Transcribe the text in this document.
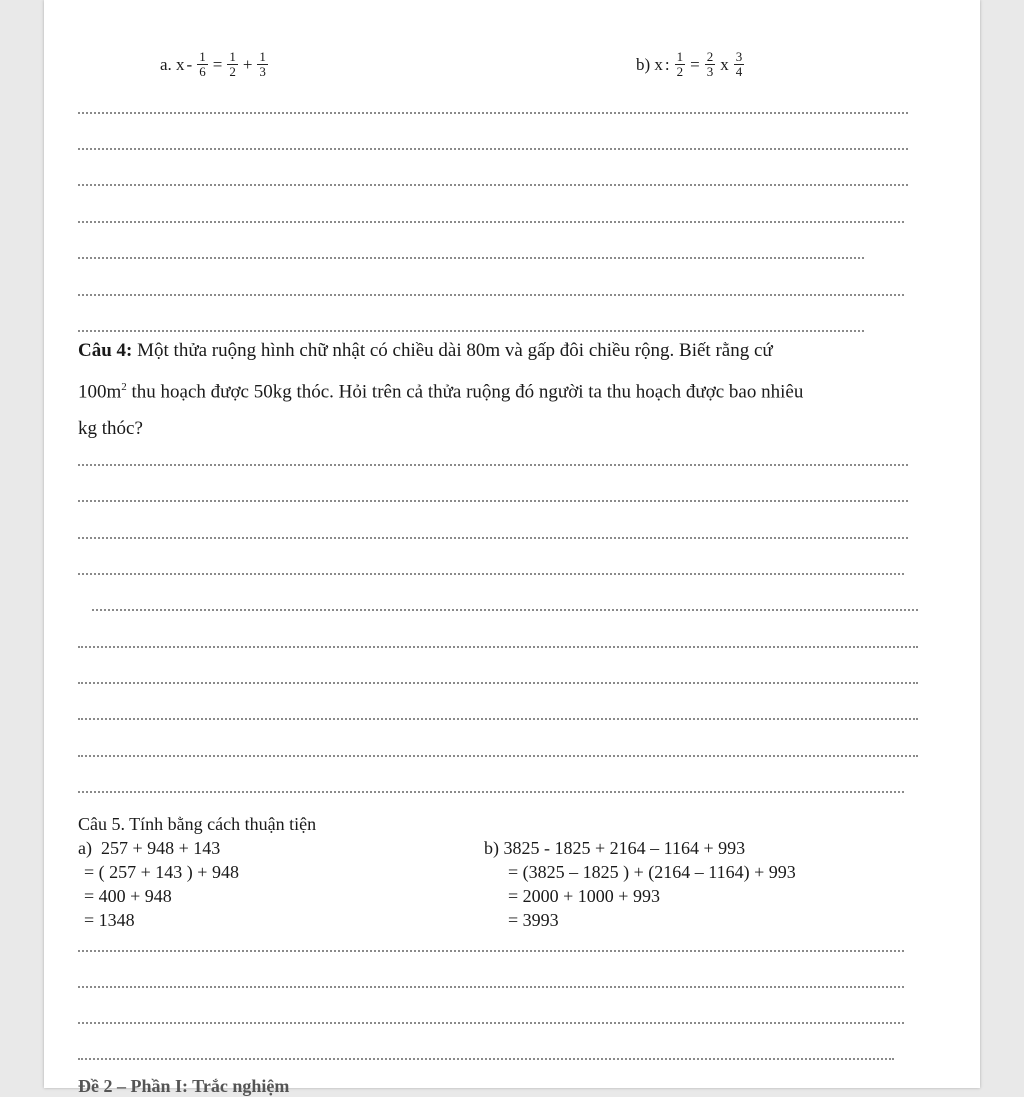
a.
$x - \frac{1}{6} = \frac{1}{2} + \frac{1}{3}$	b)
x : $\frac{1}{2} = \frac{2}{3}$ x $\frac{3}{4}$
Câu 4: Một thửa ruộng hình chữ nhật có chiều dài 80m và gấp đôi chiều rộng. Biết rằng cứ
$100m^2$ thu hoạch được 50kg thóc. Hỏi trên cả thửa ruộng đó người ta thu hoạch được bao nhiêu
kg thóc?
Câu 5. Tính bằng cách thuận tiện
a) 257 + 948 + 143
= ( 257 + 143 ) + 948
= 400 + 948
= 1348
b) 3825 - 1825 + 2164 – 1164 + 993
= (3825 – 1825 ) + (2164 – 1164) + 993
= 2000 + 1000 + 993
= 3993
Đề 2 – Phần I: Trắc nghiệm
